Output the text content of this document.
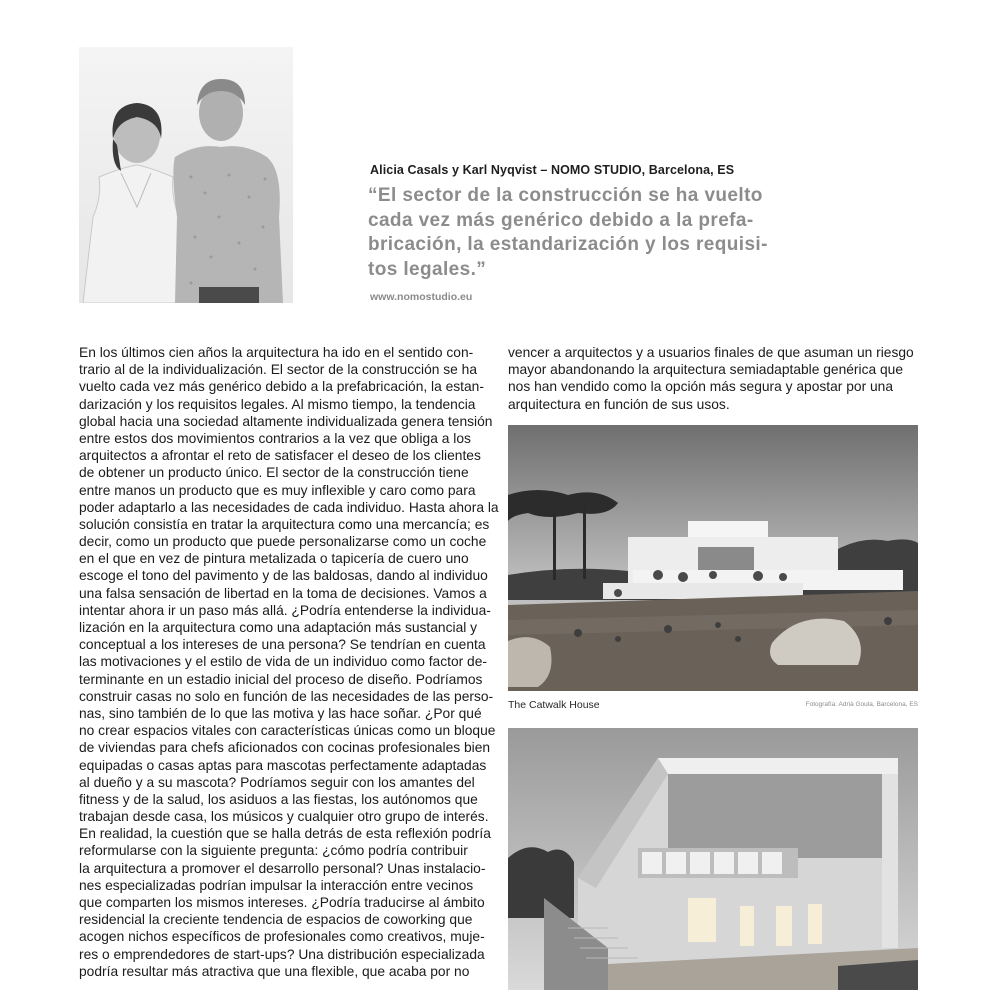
Alicia Casals y Karl Nyqvist – NOMO STUDIO, Barcelona, ES
“El sector de la construcción se ha vuelto
cada vez más genérico debido a la prefa-
bricación, la estandarización y los requisi-
tos legales.”
www.nomostudio.eu
En los últimos cien años la arquitectura ha ido en el sentido con-
trario al de la individualización. El sector de la construcción se ha
vuelto cada vez más genérico debido a la prefabricación, la estan-
darización y los requisitos legales. Al mismo tiempo, la tendencia
global hacia una sociedad altamente individualizada genera tensión
entre estos dos movimientos contrarios a la vez que obliga a los
arquitectos a afrontar el reto de satisfacer el deseo de los clientes
de obtener un producto único. El sector de la construcción tiene
entre manos un producto que es muy inflexible y caro como para
poder adaptarlo a las necesidades de cada individuo. Hasta ahora la
solución consistía en tratar la arquitectura como una mercancía; es
decir, como un producto que puede personalizarse como un coche
en el que en vez de pintura metalizada o tapicería de cuero uno
escoge el tono del pavimento y de las baldosas, dando al individuo
una falsa sensación de libertad en la toma de decisiones. Vamos a
intentar ahora ir un paso más allá. ¿Podría entenderse la individua-
lización en la arquitectura como una adaptación más sustancial y
conceptual a los intereses de una persona? Se tendrían en cuenta
las motivaciones y el estilo de vida de un individuo como factor de-
terminante en un estadio inicial del proceso de diseño. Podríamos
construir casas no solo en función de las necesidades de las perso-
nas, sino también de lo que las motiva y las hace soñar. ¿Por qué
no crear espacios vitales con características únicas como un bloque
de viviendas para chefs aficionados con cocinas profesionales bien
equipadas o casas aptas para mascotas perfectamente adaptadas
al dueño y a su mascota? Podríamos seguir con los amantes del
fitness y de la salud, los asiduos a las fiestas, los autónomos que
trabajan desde casa, los músicos y cualquier otro grupo de interés.
En realidad, la cuestión que se halla detrás de esta reflexión podría
reformularse con la siguiente pregunta: ¿cómo podría contribuir
la arquitectura a promover el desarrollo personal? Unas instalacio-
nes especializadas podrían impulsar la interacción entre vecinos
que comparten los mismos intereses. ¿Podría traducirse al ámbito
residencial la creciente tendencia de espacios de coworking que
acogen nichos específicos de profesionales como creativos, muje-
res o emprendedores de start-ups? Una distribución especializada
podría resultar más atractiva que una flexible, que acaba por no
vencer a arquitectos y a usuarios finales de que asuman un riesgo
mayor abandonando la arquitectura semiadaptable genérica que
nos han vendido como la opción más segura y apostar por una
arquitectura en función de sus usos.
The Catwalk House	Fotografía: Adrià Goula, Barcelona, ES
